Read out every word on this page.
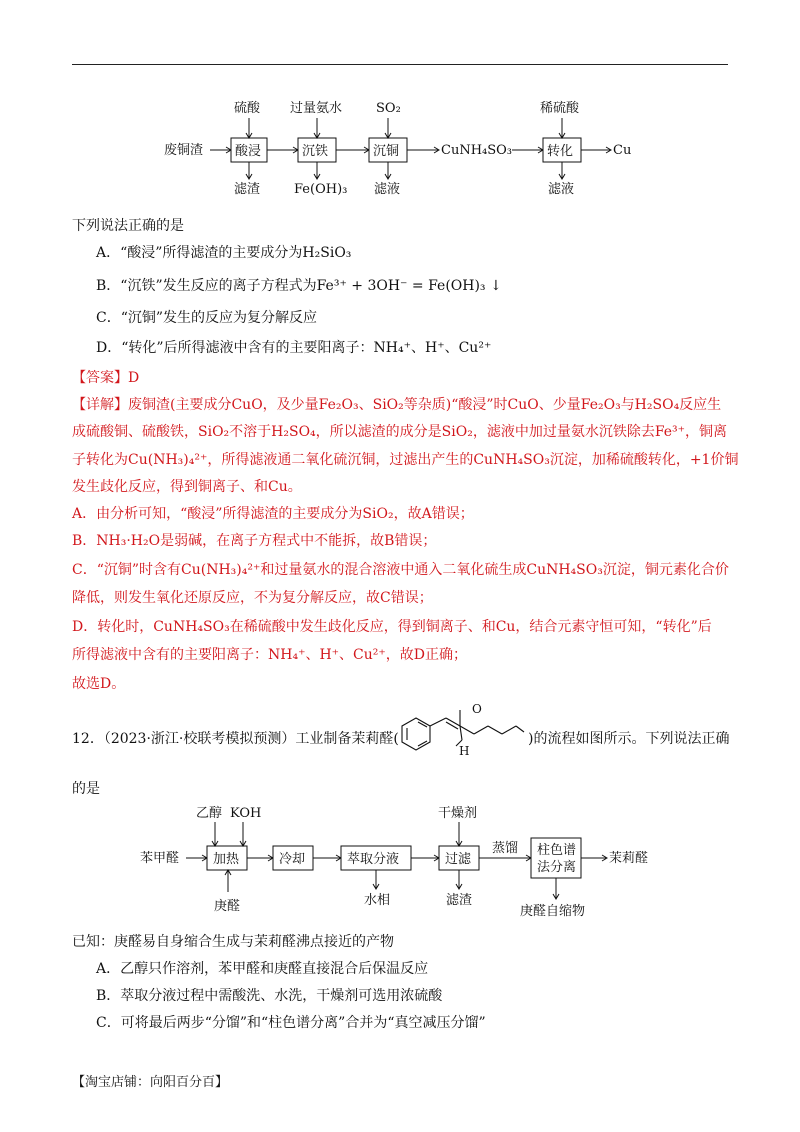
废铜渣 酸浸
硫酸
滤渣
沉铁
过量氨水
Fe(OH)₃
沉铜
SO₂
滤液
CuNH₄SO₃	转化
稀硫酸
滤液
Cu
下列说法正确的是
A．“酸浸”所得滤渣的主要成分为H₂SiO₃
B．“沉铁”发生反应的离子方程式为Fe³⁺ + 3OH⁻ = Fe(OH)₃ ↓
C．“沉铜”发生的反应为复分解反应
D．“转化”后所得滤液中含有的主要阳离子：NH₄⁺、H⁺、Cu²⁺
【答案】D
【详解】废铜渣(主要成分CuO，及少量Fe₂O₃、SiO₂等杂质)“酸浸”时CuO、少量Fe₂O₃与H₂SO₄反应生
成硫酸铜、硫酸铁，SiO₂不溶于H₂SO₄，所以滤渣的成分是SiO₂，滤液中加过量氨水沉铁除去Fe³⁺，铜离
子转化为Cu(NH₃)₄²⁺，所得滤液通二氧化硫沉铜，过滤出产生的CuNH₄SO₃沉淀，加稀硫酸转化，+1价铜
发生歧化反应，得到铜离子、和Cu。
A．由分析可知，“酸浸”所得滤渣的主要成分为SiO₂，故A错误；
B．NH₃·H₂O是弱碱，在离子方程式中不能拆，故B错误；
C．“沉铜”时含有Cu(NH₃)₄²⁺和过量氨水的混合溶液中通入二氧化硫生成CuNH₄SO₃沉淀，铜元素化合价
降低，则发生氧化还原反应，不为复分解反应，故C错误；
D．转化时，CuNH₄SO₃在稀硫酸中发生歧化反应，得到铜离子、和Cu，结合元素守恒可知，“转化”后
所得滤液中含有的主要阳离子：NH₄⁺、H⁺、Cu²⁺，故D正确；
故选D。
12．（2023·浙江·校联考模拟预测）工业制备茉莉醛(
O
H
)的流程如图所示。下列说法正确
的是
苯甲醛	加热
乙醇 KOH
庚醛
冷却	萃取分液
水相
过滤
干燥剂
滤渣
蒸馏 柱色谱
法分离
庚醛自缩物
茉莉醛
已知：庚醛易自身缩合生成与茉莉醛沸点接近的产物
A．乙醇只作溶剂，苯甲醛和庚醛直接混合后保温反应
B．萃取分液过程中需酸洗、水洗，干燥剂可选用浓硫酸
C．可将最后两步“分馏”和“柱色谱分离”合并为“真空减压分馏”
【淘宝店铺：向阳百分百】
